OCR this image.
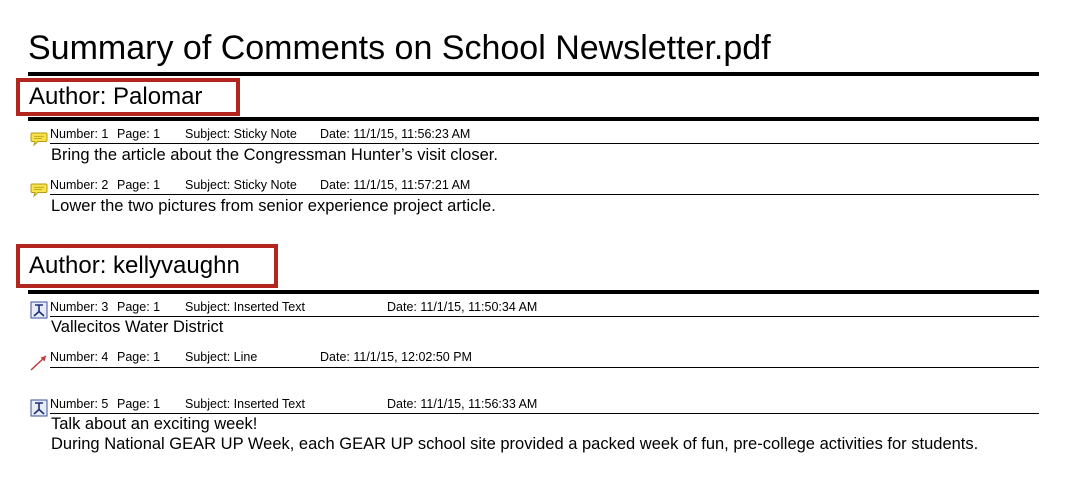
Summary of Comments on School Newsletter.pdf
Author: Palomar
Number: 1 Page: 1 Subject: Sticky Note Date: 11/1/15, 11:56:23 AM
Bring the article about the Congressman Hunter’s visit closer.
Number: 2 Page: 1 Subject: Sticky Note Date: 11/1/15, 11:57:21 AM
Lower the two pictures from senior experience project article.
Author: kellyvaughn
Number: 3 Page: 1 Subject: Inserted Text	Date: 11/1/15, 11:50:34 AM
Vallecitos Water District
Number: 4 Page: 1 Subject: Line	Date: 11/1/15, 12:02:50 PM
Number: 5 Page: 1 Subject: Inserted Text	Date: 11/1/15, 11:56:33 AM
Talk about an exciting week!
During National GEAR UP Week, each GEAR UP school site provided a packed week of fun, pre-college activities for students.
